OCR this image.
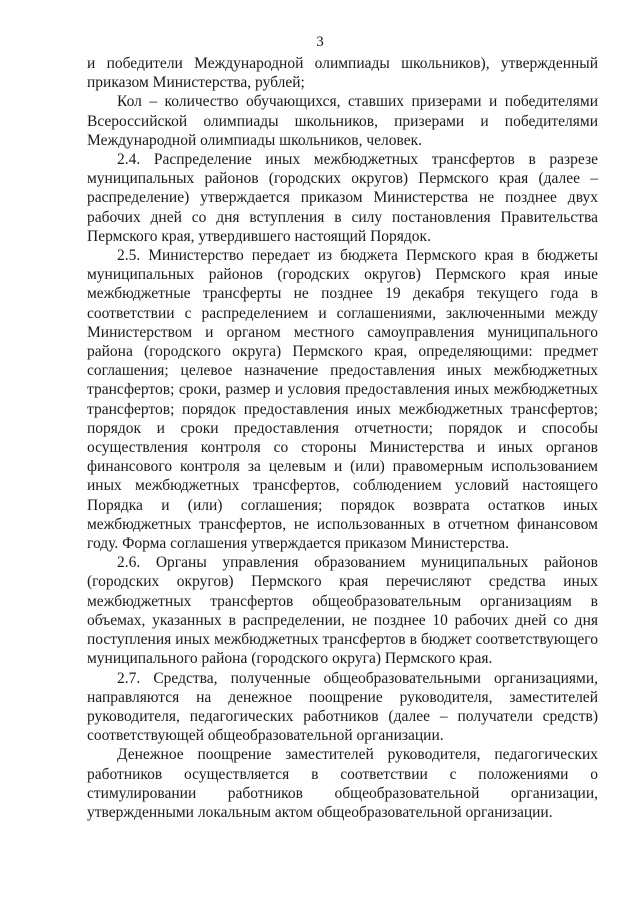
3

и победители Международной олимпиады школьников), утвержденный приказом Министерства, рублей;

Кол – количество обучающихся, ставших призерами и победителями Всероссийской олимпиады школьников, призерами и победителями Международной олимпиады школьников, человек.

2.4. Распределение иных межбюджетных трансфертов в разрезе муниципальных районов (городских округов) Пермского края (далее – распределение) утверждается приказом Министерства не позднее двух рабочих дней со дня вступления в силу постановления Правительства Пермского края, утвердившего настоящий Порядок.

2.5. Министерство передает из бюджета Пермского края в бюджеты муниципальных районов (городских округов) Пермского края иные межбюджетные трансферты не позднее 19 декабря текущего года в соответствии с распределением и соглашениями, заключенными между Министерством и органом местного самоуправления муниципального района (городского округа) Пермского края, определяющими: предмет соглашения; целевое назначение предоставления иных межбюджетных трансфертов; сроки, размер и условия предоставления иных межбюджетных трансфертов; порядок предоставления иных межбюджетных трансфертов; порядок и сроки предоставления отчетности; порядок и способы осуществления контроля со стороны Министерства и иных органов финансового контроля за целевым и (или) правомерным использованием иных межбюджетных трансфертов, соблюдением условий настоящего Порядка и (или) соглашения; порядок возврата остатков иных межбюджетных трансфертов, не использованных в отчетном финансовом году. Форма соглашения утверждается приказом Министерства.

2.6. Органы управления образованием муниципальных районов (городских округов) Пермского края перечисляют средства иных межбюджетных трансфертов общеобразовательным организациям в объемах, указанных в распределении, не позднее 10 рабочих дней со дня поступления иных межбюджетных трансфертов в бюджет соответствующего муниципального района (городского округа) Пермского края.

2.7. Средства, полученные общеобразовательными организациями, направляются на денежное поощрение руководителя, заместителей руководителя, педагогических работников (далее – получатели средств) соответствующей общеобразовательной организации.

Денежное поощрение заместителей руководителя, педагогических работников осуществляется в соответствии с положениями о стимулировании работников общеобразовательной организации, утвержденными локальным актом общеобразовательной организации.
